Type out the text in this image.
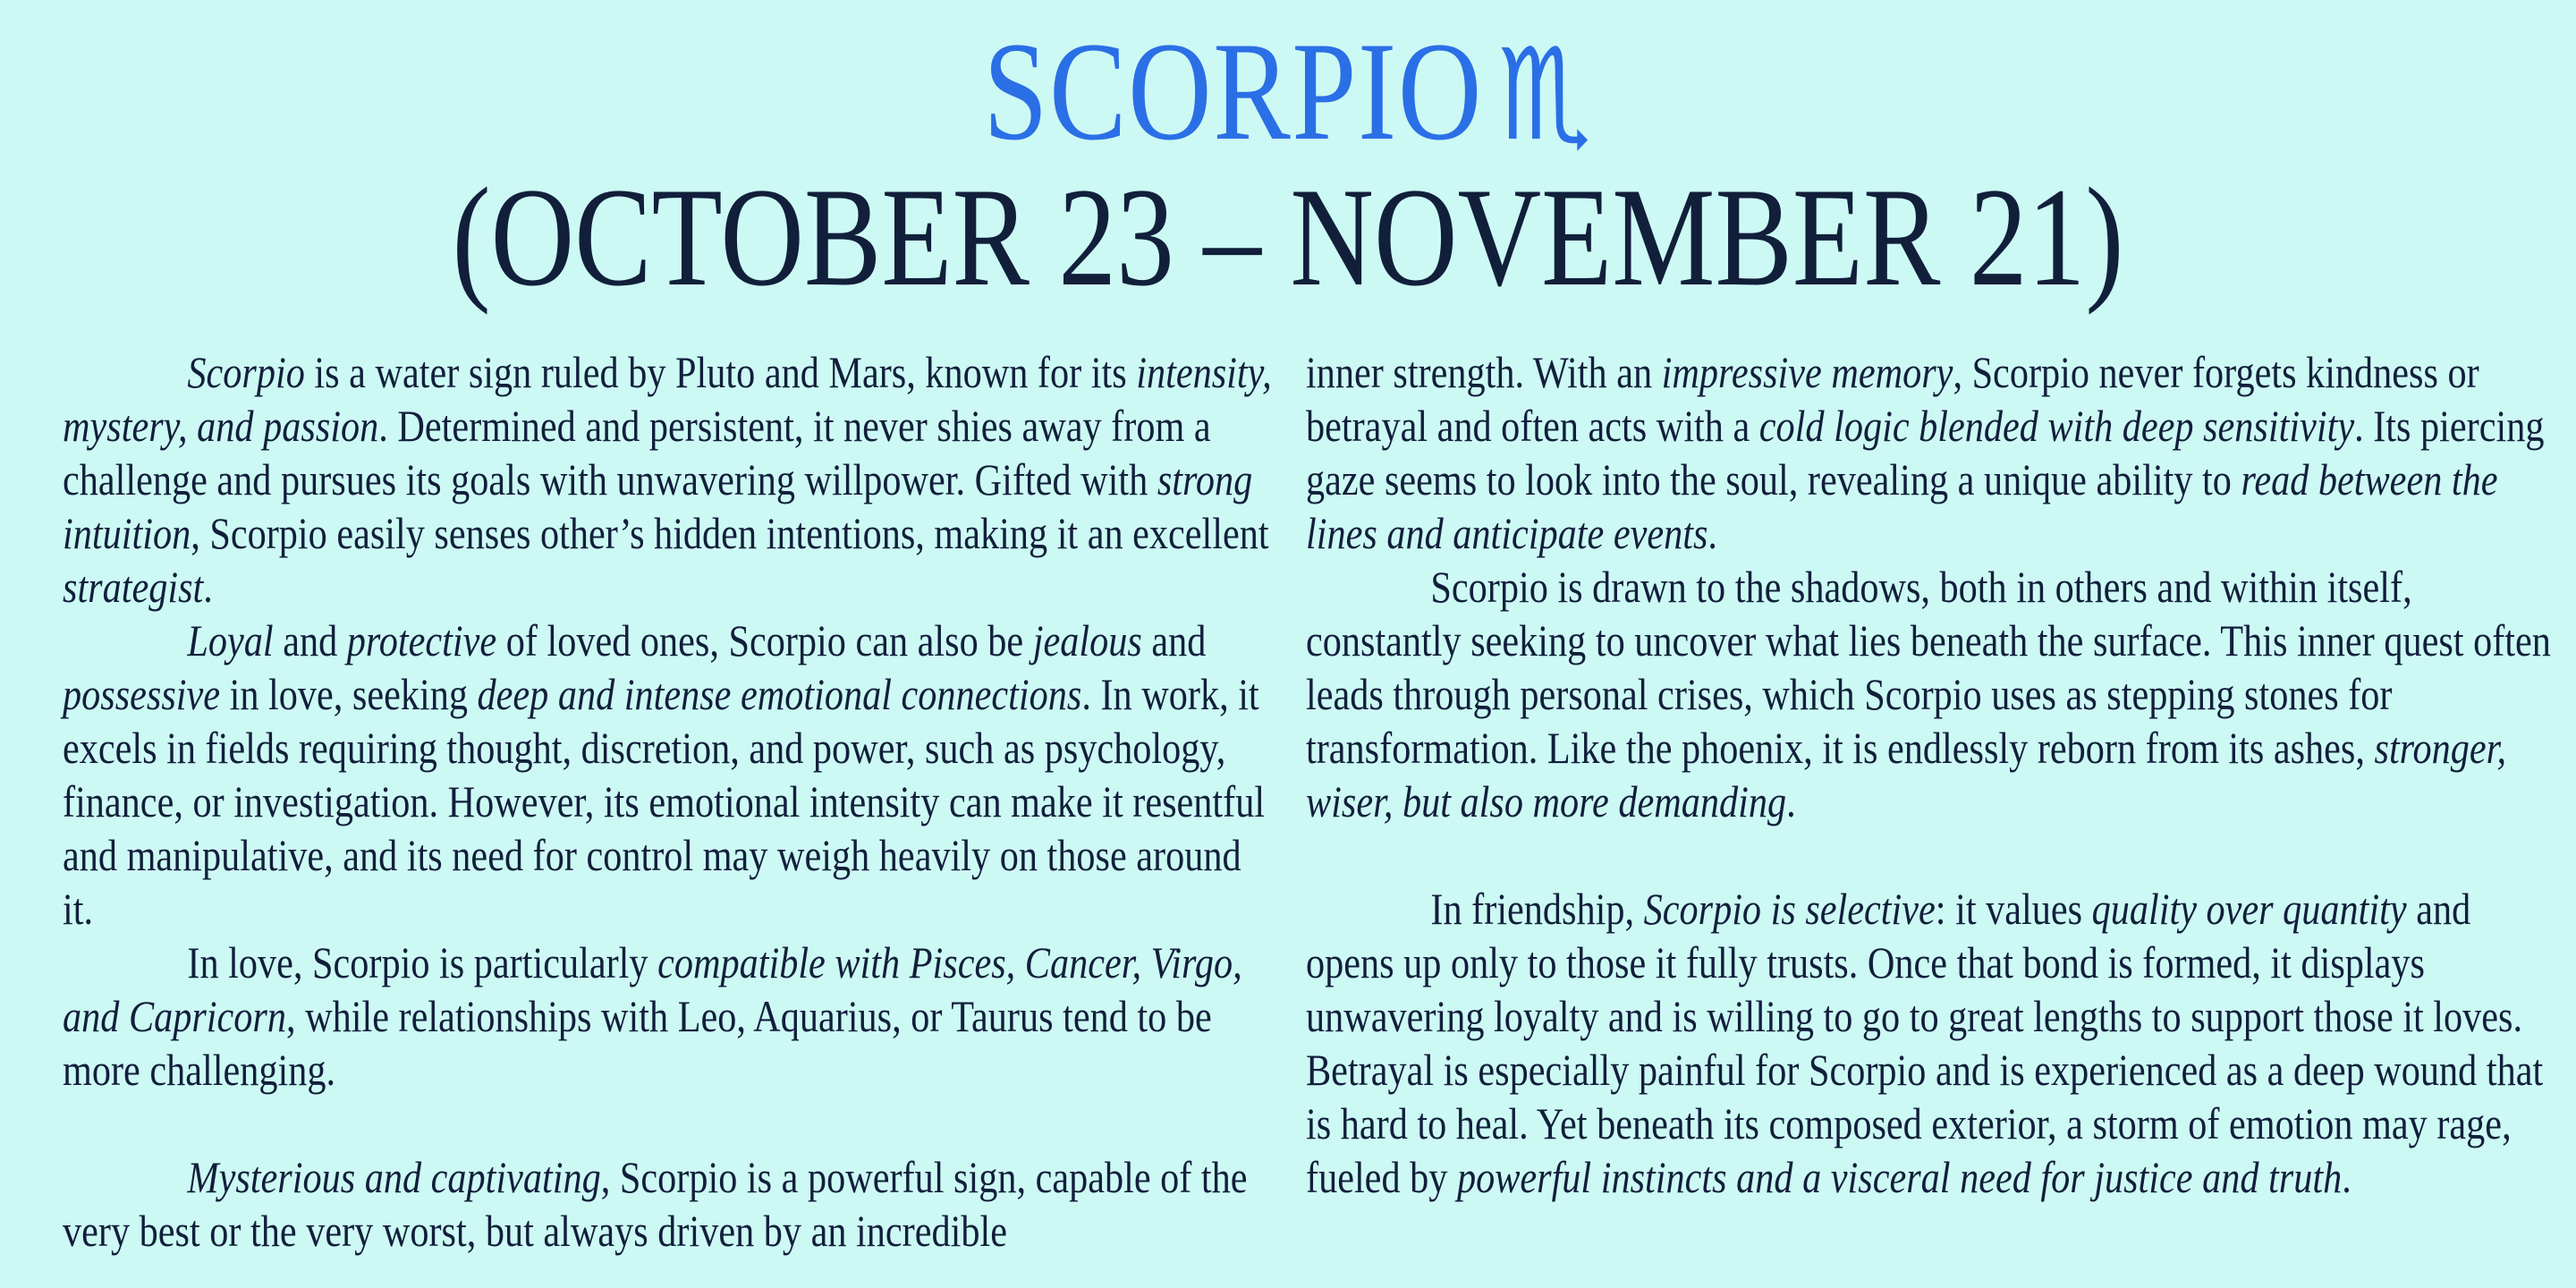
SCORPIO ♏
(OCTOBER 23 – NOVEMBER 21)

Scorpio is a water sign ruled by Pluto and Mars, known for its intensity, mystery, and passion. Determined and persistent, it never shies away from a challenge and pursues its goals with unwavering willpower. Gifted with strong intuition, Scorpio easily senses other’s hidden intentions, making it an excellent strategist.

Loyal and protective of loved ones, Scorpio can also be jealous and possessive in love, seeking deep and intense emotional connections. In work, it excels in fields requiring thought, discretion, and power, such as psychology, finance, or investigation. However, its emotional intensity can make it resentful and manipulative, and its need for control may weigh heavily on those around it.

In love, Scorpio is particularly compatible with Pisces, Cancer, Virgo, and Capricorn, while relationships with Leo, Aquarius, or Taurus tend to be more challenging.

Mysterious and captivating, Scorpio is a powerful sign, capable of the very best or the very worst, but always driven by an incredible

inner strength. With an impressive memory, Scorpio never forgets kindness or betrayal and often acts with a cold logic blended with deep sensitivity. Its piercing gaze seems to look into the soul, revealing a unique ability to read between the lines and anticipate events.

Scorpio is drawn to the shadows, both in others and within itself, constantly seeking to uncover what lies beneath the surface. This inner quest often leads through personal crises, which Scorpio uses as stepping stones for transformation. Like the phoenix, it is endlessly reborn from its ashes, stronger, wiser, but also more demanding.

In friendship, Scorpio is selective: it values quality over quantity and opens up only to those it fully trusts. Once that bond is formed, it displays unwavering loyalty and is willing to go to great lengths to support those it loves. Betrayal is especially painful for Scorpio and is experienced as a deep wound that is hard to heal. Yet beneath its composed exterior, a storm of emotion may rage, fueled by powerful instincts and a visceral need for justice and truth.
